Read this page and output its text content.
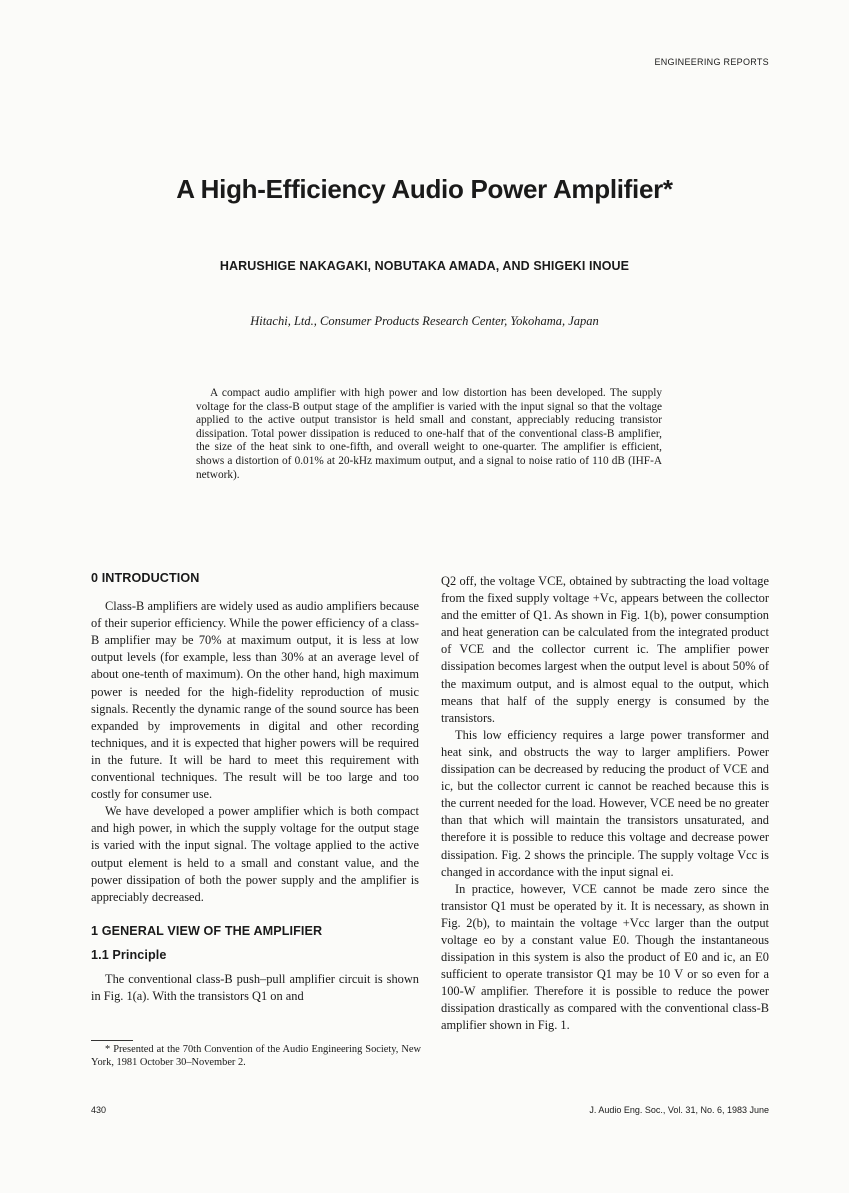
ENGINEERING REPORTS
A High-Efficiency Audio Power Amplifier*
HARUSHIGE NAKAGAKI, NOBUTAKA AMADA, AND SHIGEKI INOUE
Hitachi, Ltd., Consumer Products Research Center, Yokohama, Japan

A compact audio amplifier with high power and low distortion has been developed. The supply voltage for the class-B output stage of the amplifier is varied with the input signal so that the voltage applied to the active output transistor is held small and constant, appreciably reducing transistor dissipation. Total power dissipation is reduced to one-half that of the conventional class-B amplifier, the size of the heat sink to one-fifth, and overall weight to one-quarter. The amplifier is efficient, shows a distortion of 0.01% at 20-kHz maximum output, and a signal to noise ratio of 110 dB (IHF-A network).

0 INTRODUCTION

Class-B amplifiers are widely used as audio amplifiers because of their superior efficiency. While the power efficiency of a class-B amplifier may be 70% at maximum output, it is less at low output levels (for example, less than 30% at an average level of about one-tenth of maximum). On the other hand, high maximum power is needed for the high-fidelity reproduction of music signals. Recently the dynamic range of the sound source has been expanded by improvements in digital and other recording techniques, and it is expected that higher powers will be required in the future. It will be hard to meet this requirement with conventional techniques. The result will be too large and too costly for consumer use.

We have developed a power amplifier which is both compact and high power, in which the supply voltage for the output stage is varied with the input signal. The voltage applied to the active output element is held to a small and constant value, and the power dissipation of both the power supply and the amplifier is appreciably decreased.

1 GENERAL VIEW OF THE AMPLIFIER
1.1 Principle

The conventional class-B push–pull amplifier circuit is shown in Fig. 1(a). With the transistors Q1 on and

Q2 off, the voltage VCE, obtained by subtracting the load voltage from the fixed supply voltage +Vc, appears between the collector and the emitter of Q1. As shown in Fig. 1(b), power consumption and heat generation can be calculated from the integrated product of VCE and the collector current ic. The amplifier power dissipation becomes largest when the output level is about 50% of the maximum output, and is almost equal to the output, which means that half of the supply energy is consumed by the transistors.

This low efficiency requires a large power transformer and heat sink, and obstructs the way to larger amplifiers. Power dissipation can be decreased by reducing the product of VCE and ic, but the collector current ic cannot be reached because this is the current needed for the load. However, VCE need be no greater than that which will maintain the transistors unsaturated, and therefore it is possible to reduce this voltage and decrease power dissipation. Fig. 2 shows the principle. The supply voltage Vcc is changed in accordance with the input signal ei.

In practice, however, VCE cannot be made zero since the transistor Q1 must be operated by it. It is necessary, as shown in Fig. 2(b), to maintain the voltage +Vcc larger than the output voltage eo by a constant value E0. Though the instantaneous dissipation in this system is also the product of E0 and ic, an E0 sufficient to operate transistor Q1 may be 10 V or so even for a 100-W amplifier. Therefore it is possible to reduce the power dissipation drastically as compared with the conventional class-B amplifier shown in Fig. 1.

* Presented at the 70th Convention of the Audio Engineering Society, New York, 1981 October 30–November 2.

430	J. Audio Eng. Soc., Vol. 31, No. 6, 1983 June
